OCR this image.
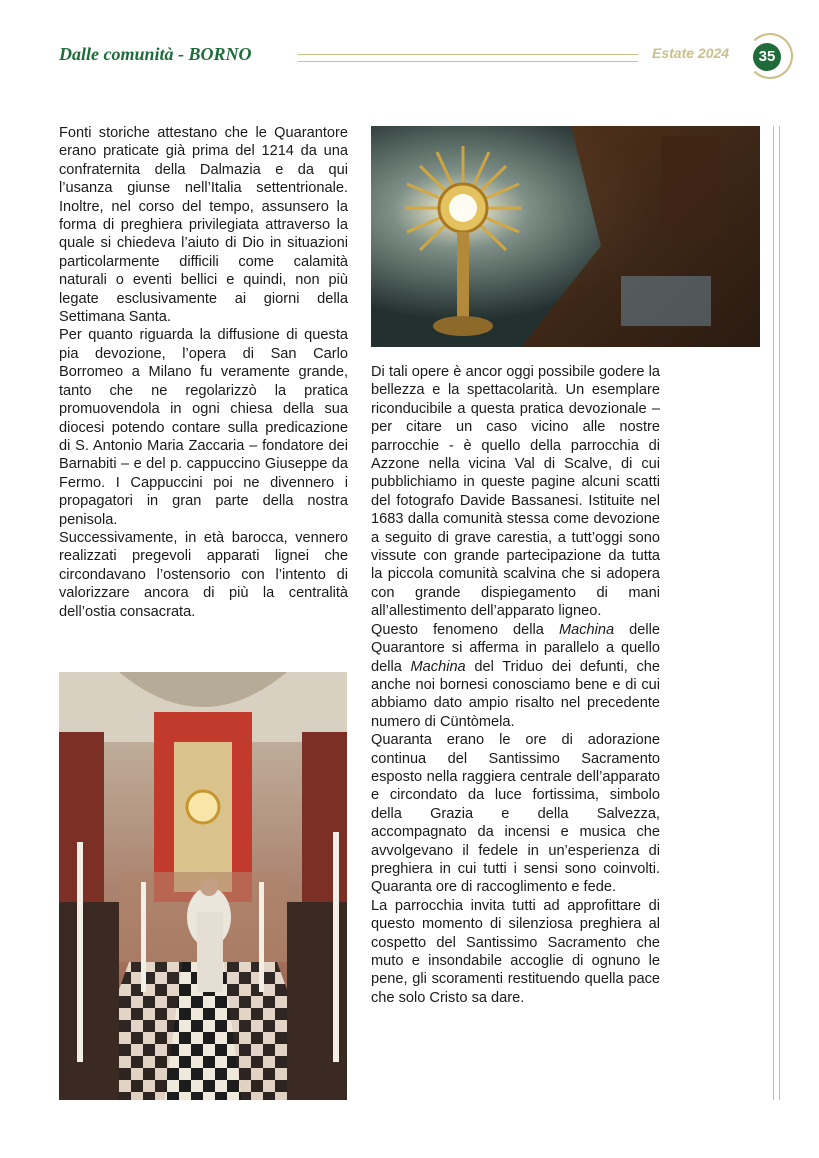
Dalle comunità - BORNO	Estate 2024	35

Fonti storiche attestano che le Quarantore erano praticate già prima del 1214 da una confraternita della Dalmazia e da qui l’usanza giunse nell’Italia settentrionale. Inoltre, nel corso del tempo, assunsero la forma di preghiera privilegiata attraverso la quale si chiedeva l’aiuto di Dio in situazioni particolarmente difficili come calamità naturali o eventi bellici e quindi, non più legate esclusivamente ai giorni della Settimana Santa.

Per quanto riguarda la diffusione di questa pia devozione, l’opera di San Carlo Borromeo a Milano fu veramente grande, tanto che ne regolarizzò la pratica promuovendola in ogni chiesa della sua diocesi potendo contare sulla predicazione di S. Antonio Maria Zaccaria – fondatore dei Barnabiti – e del p. cappuccino Giuseppe da Fermo. I Cappuccini poi ne divennero i propagatori in gran parte della nostra penisola.

Successivamente, in età barocca, vennero realizzati pregevoli apparati lignei che circondavano l’ostensorio con l’intento di valorizzare ancora di più la centralità dell’ostia consacrata.

Di tali opere è ancor oggi possibile godere la bellezza e la spettacolarità. Un esemplare riconducibile a questa pratica devozionale – per citare un caso vicino alle nostre parrocchie - è quello della parrocchia di Azzone nella vicina Val di Scalve, di cui pubblichiamo in queste pagine alcuni scatti del fotografo Davide Bassanesi. Istituite nel 1683 dalla comunità stessa come devozione a seguito di grave carestia, a tutt’oggi sono vissute con grande partecipazione da tutta la piccola comunità scalvina che si adopera con grande dispiegamento di mani all’allestimento dell’apparato ligneo.

Questo fenomeno della Machina delle Quarantore si afferma in parallelo a quello della Machina del Triduo dei defunti, che anche noi bornesi conosciamo bene e di cui abbiamo dato ampio risalto nel precedente numero di Cüntòmela.

Quaranta erano le ore di adorazione continua del Santissimo Sacramento esposto nella raggiera centrale dell’apparato e circondato da luce fortissima, simbolo della Grazia e della Salvezza, accompagnato da incensi e musica che avvolgevano il fedele in un’esperienza di preghiera in cui tutti i sensi sono coinvolti. Quaranta ore di raccoglimento e fede.

La parrocchia invita tutti ad approfittare di questo momento di silenziosa preghiera al cospetto del Santissimo Sacramento che muto e insondabile accoglie di ognuno le pene, gli scoramenti restituendo quella pace che solo Cristo sa dare.
